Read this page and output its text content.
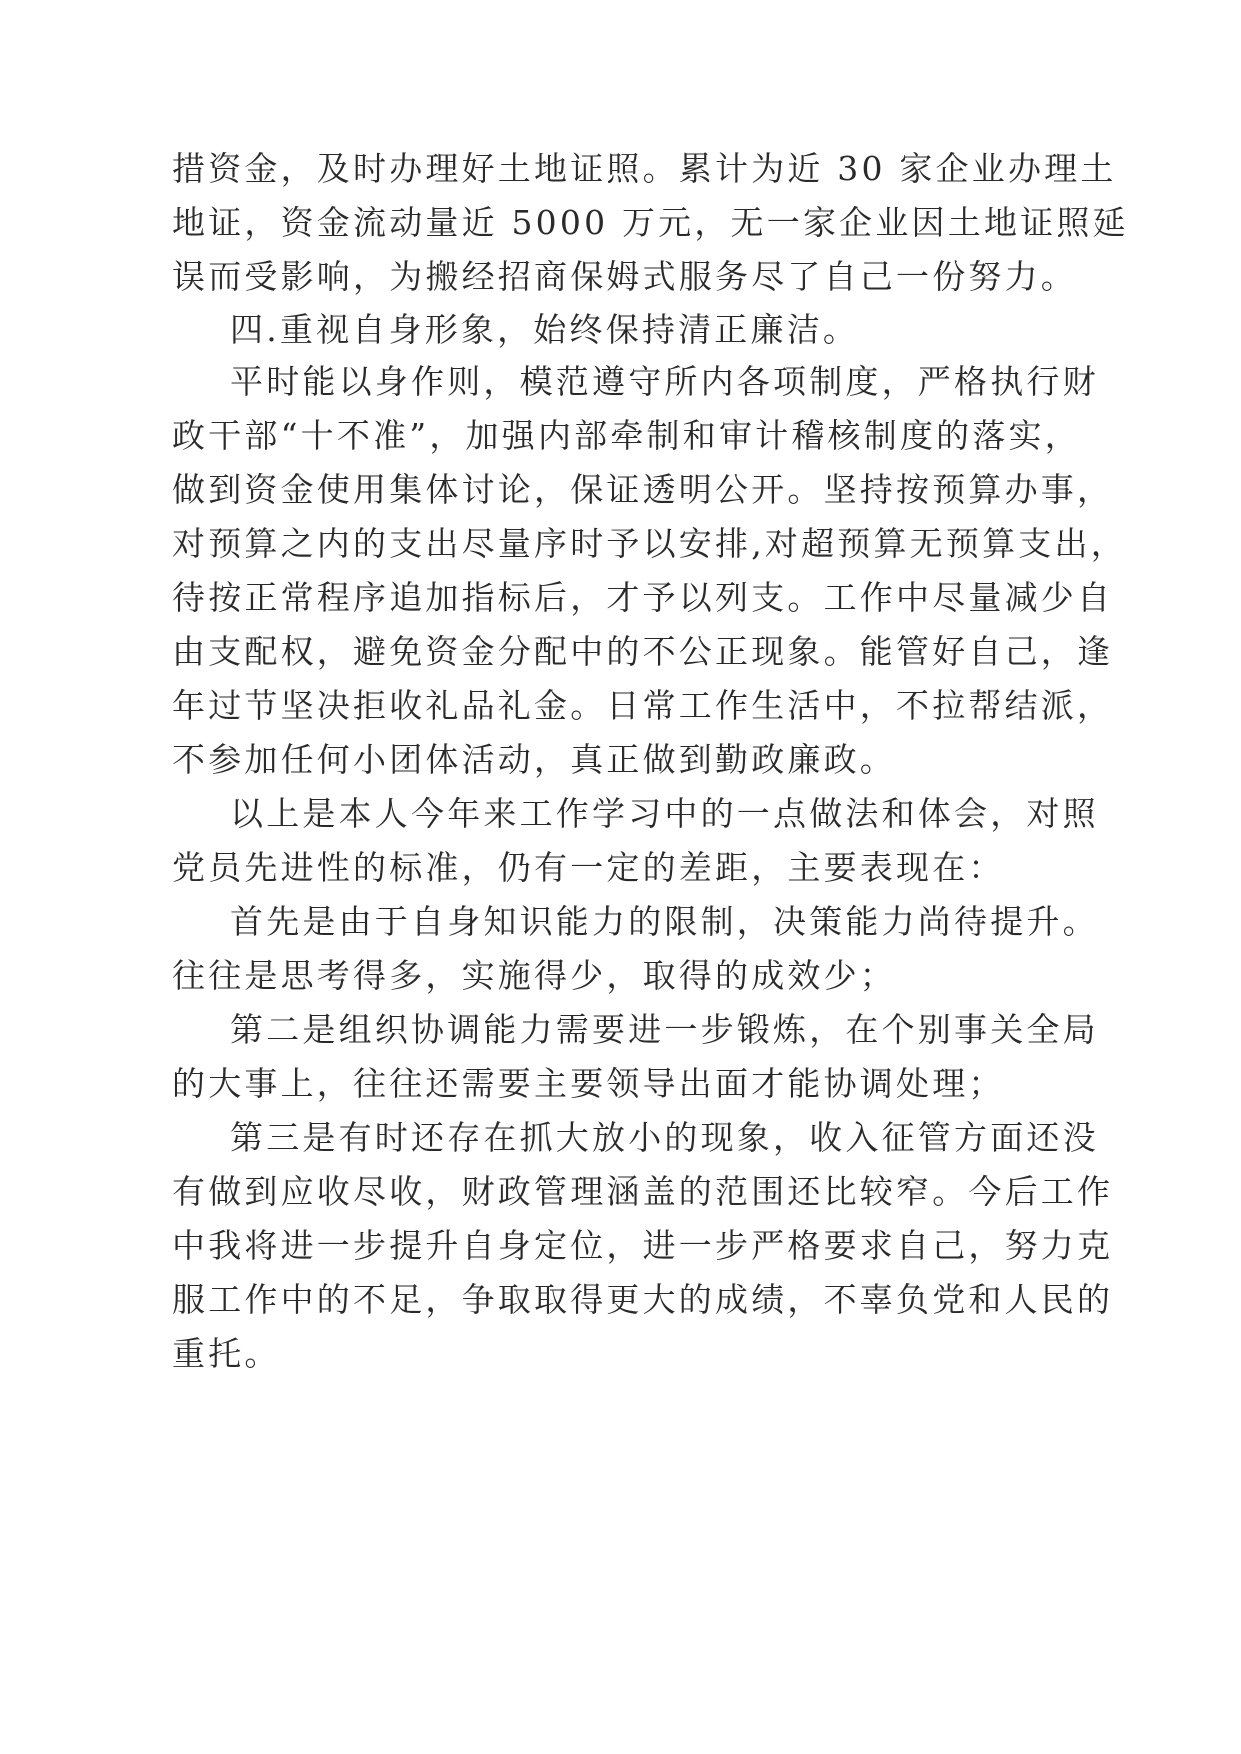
措资金，及时办理好土地证照。累计为近 30 家企业办理土
地证，资金流动量近 5000 万元，无一家企业因土地证照延
误而受影响，为搬经招商保姆式服务尽了自己一份努力。
四.重视自身形象，始终保持清正廉洁。
平时能以身作则，模范遵守所内各项制度，严格执行财
政干部“十不准”，加强内部牵制和审计稽核制度的落实，
做到资金使用集体讨论，保证透明公开。坚持按预算办事，
对预算之内的支出尽量序时予以安排,对超预算无预算支出，
待按正常程序追加指标后，才予以列支。工作中尽量减少自
由支配权，避免资金分配中的不公正现象。能管好自己，逢
年过节坚决拒收礼品礼金。日常工作生活中，不拉帮结派，
不参加任何小团体活动，真正做到勤政廉政。
以上是本人今年来工作学习中的一点做法和体会，对照
党员先进性的标准，仍有一定的差距，主要表现在：
首先是由于自身知识能力的限制，决策能力尚待提升。
往往是思考得多，实施得少，取得的成效少；
第二是组织协调能力需要进一步锻炼，在个别事关全局
的大事上，往往还需要主要领导出面才能协调处理；
第三是有时还存在抓大放小的现象，收入征管方面还没
有做到应收尽收，财政管理涵盖的范围还比较窄。今后工作
中我将进一步提升自身定位，进一步严格要求自己，努力克
服工作中的不足，争取取得更大的成绩，不辜负党和人民的
重托。
